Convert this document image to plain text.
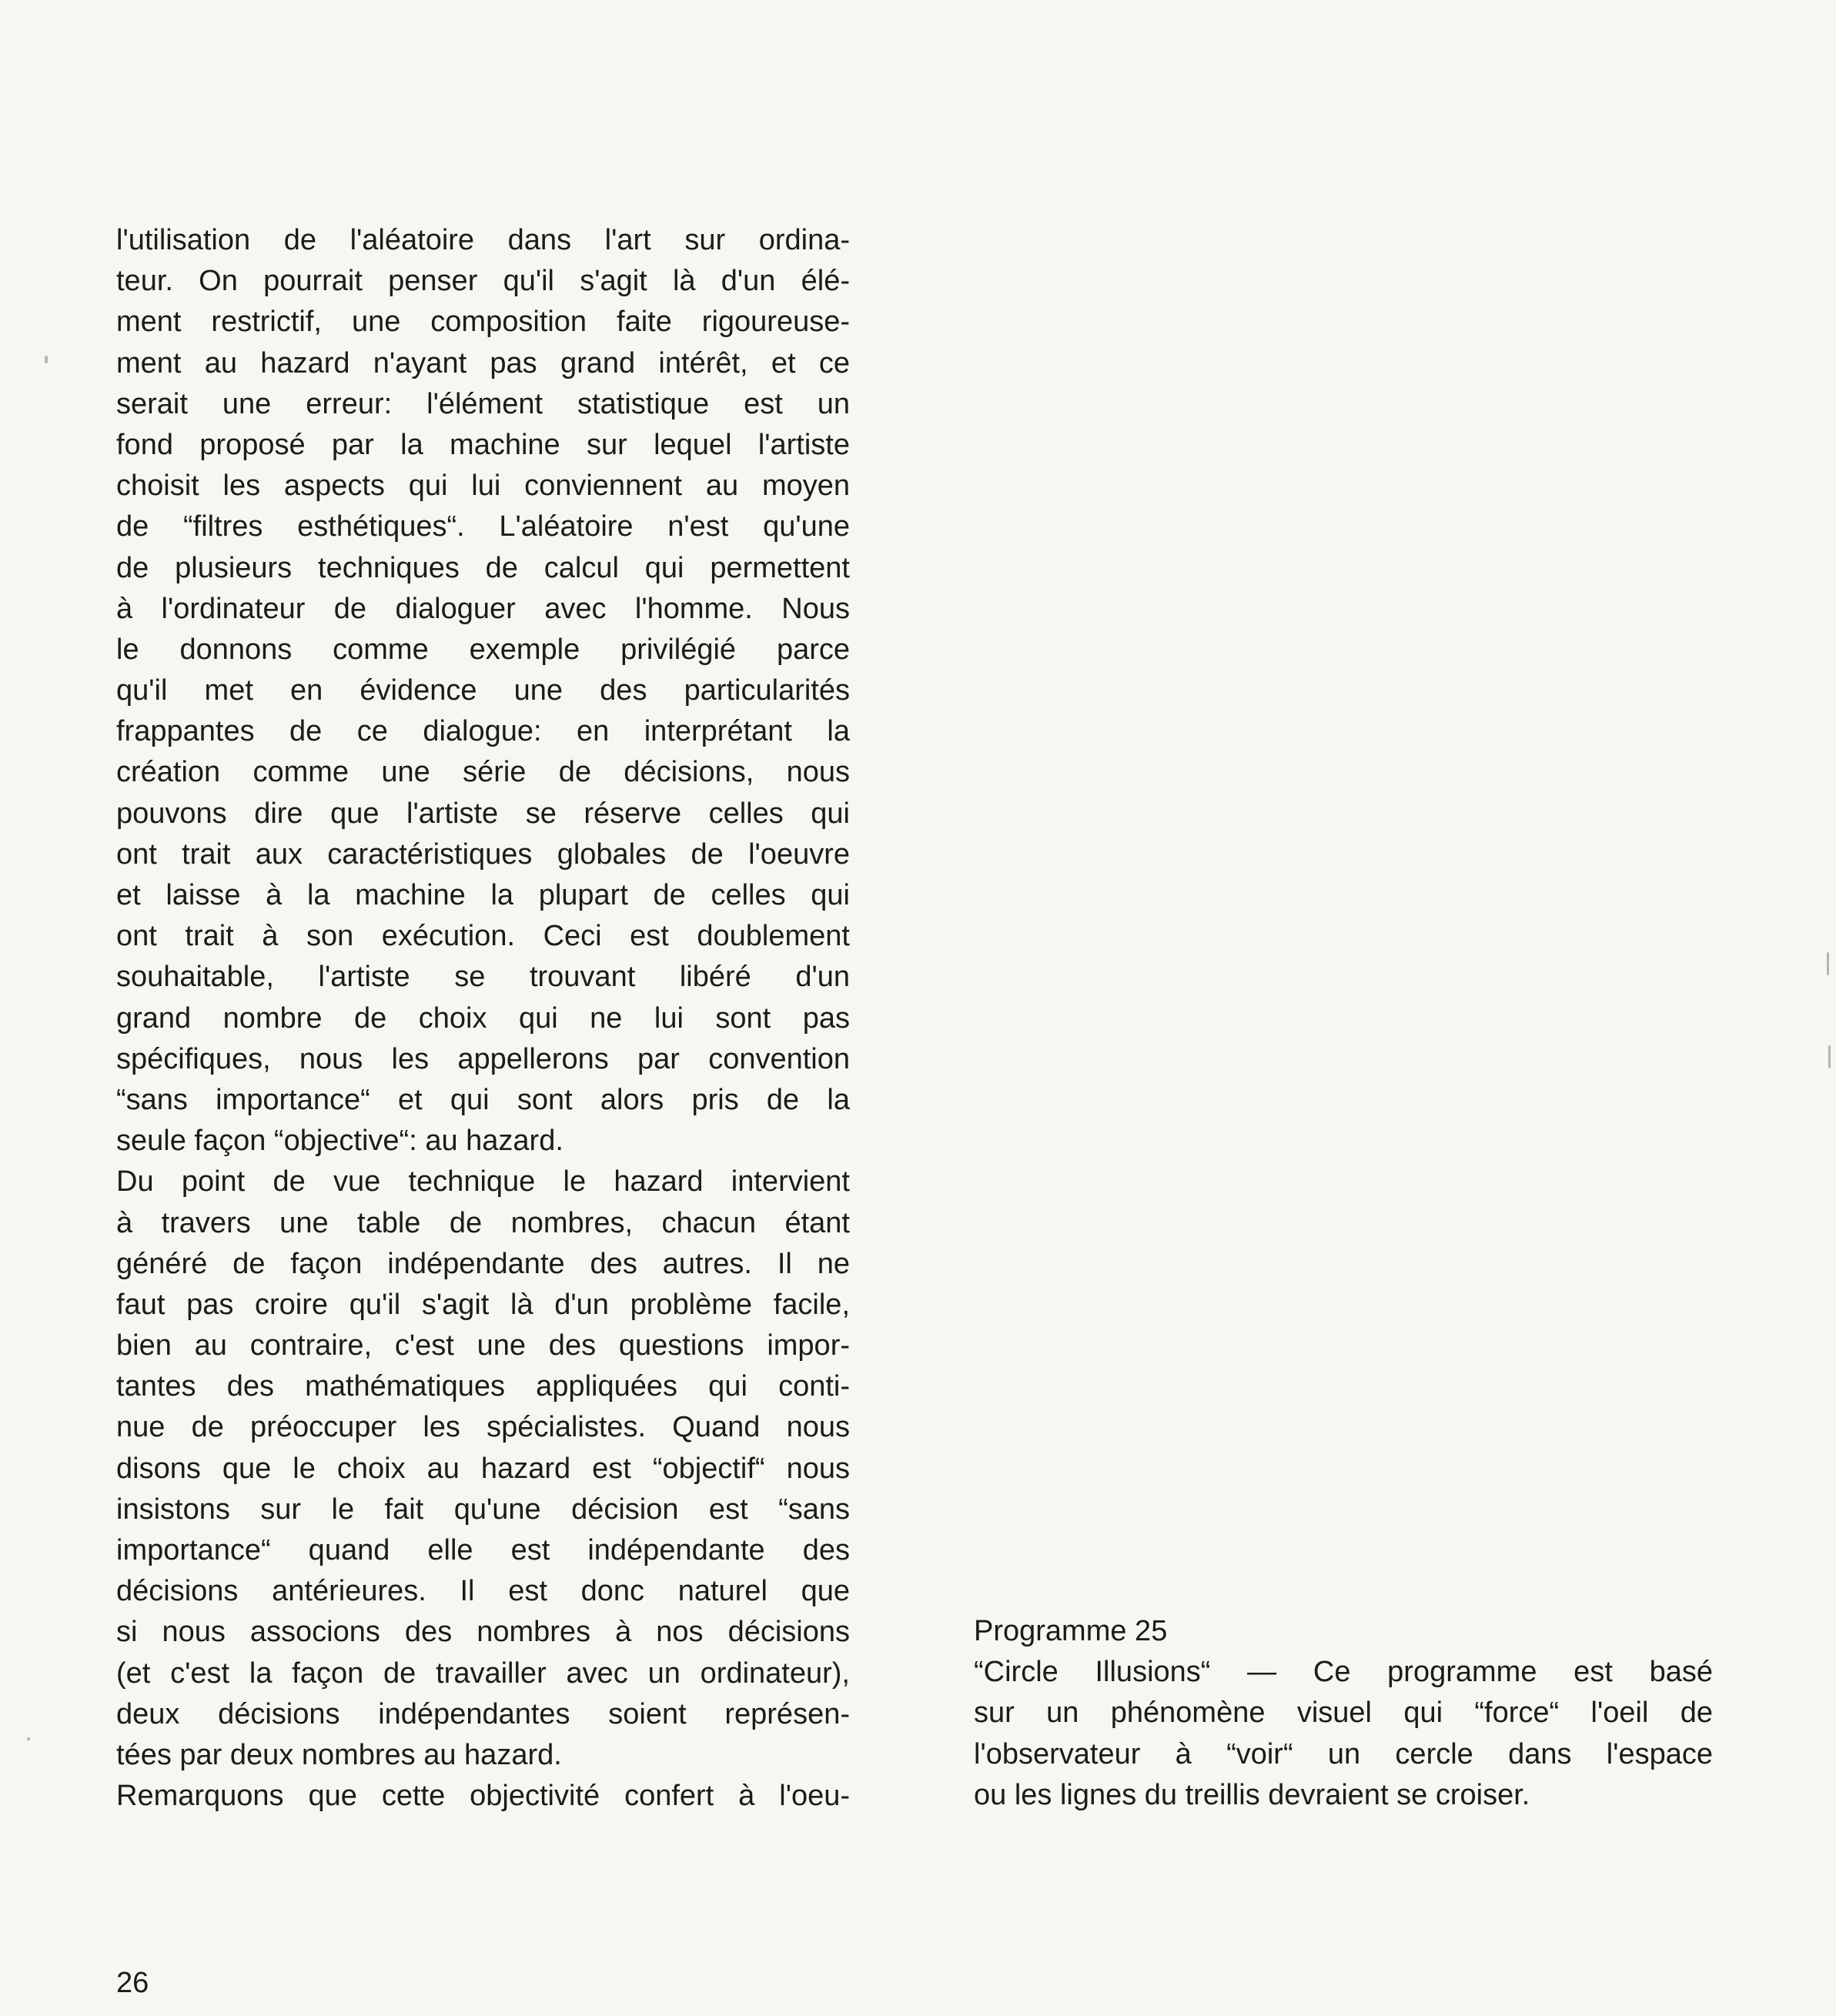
l'utilisation de l'aléatoire dans l'art sur ordina-
teur. On pourrait penser qu'il s'agit là d'un élé-
ment restrictif, une composition faite rigoureuse-
ment au hazard n'ayant pas grand intérêt, et ce
serait une erreur: l'élément statistique est un
fond proposé par la machine sur lequel l'artiste
choisit les aspects qui lui conviennent au moyen
de “filtres esthétiques“. L'aléatoire n'est qu'une
de plusieurs techniques de calcul qui permettent
à l'ordinateur de dialoguer avec l'homme. Nous
le donnons comme exemple privilégié parce
qu'il met en évidence une des particularités
frappantes de ce dialogue: en interprétant la
création comme une série de décisions, nous
pouvons dire que l'artiste se réserve celles qui
ont trait aux caractéristiques globales de l'oeuvre
et laisse à la machine la plupart de celles qui
ont trait à son exécution. Ceci est doublement
souhaitable, l'artiste se trouvant libéré d'un
grand nombre de choix qui ne lui sont pas
spécifiques, nous les appellerons par convention
“sans importance“ et qui sont alors pris de la
seule façon “objective“: au hazard.
Du point de vue technique le hazard intervient
à travers une table de nombres, chacun étant
généré de façon indépendante des autres. Il ne
faut pas croire qu'il s'agit là d'un problème facile,
bien au contraire, c'est une des questions impor-
tantes des mathématiques appliquées qui conti-
nue de préoccuper les spécialistes. Quand nous
disons que le choix au hazard est “objectif“ nous
insistons sur le fait qu'une décision est “sans
importance“ quand elle est indépendante des
décisions antérieures. Il est donc naturel que
si nous associons des nombres à nos décisions
(et c'est la façon de travailler avec un ordinateur),
deux décisions indépendantes soient représen-
tées par deux nombres au hazard.
Remarquons que cette objectivité confert à l'oeu-
Programme 25
“Circle Illusions“ — Ce programme est basé
sur un phénomène visuel qui “force“ l'oeil de
l'observateur à “voir“ un cercle dans l'espace
ou les lignes du treillis devraient se croiser.
26
